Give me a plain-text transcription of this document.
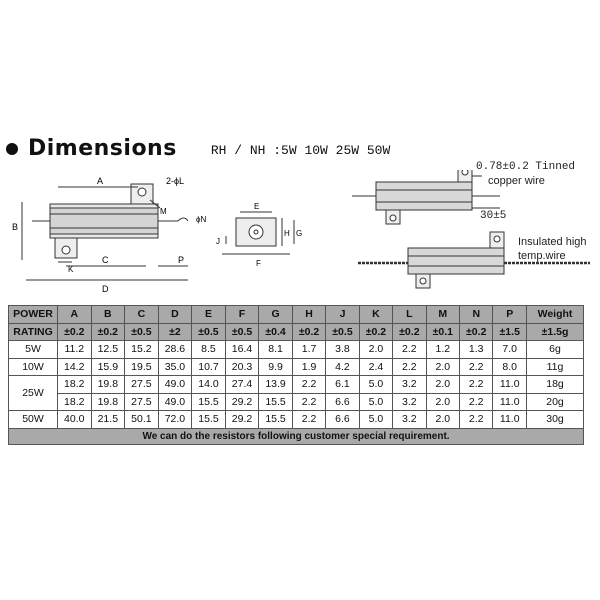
Dimensions	RH / NH :5W 10W 25W 50W
A
B
C
D
K
P
M
2-ϕL
ϕN
E
F
H G
J
0.78±0.2 Tinned
copper wire
30±5
Insulated high
temp.wire
POWER	A	B	C	D	E	F	G	H	J	K	L	M	N	P	Weight
RATING	±0.2	±0.2	±0.5	±2	±0.5	±0.5	±0.4	±0.2	±0.5	±0.2	±0.2	±0.1	±0.2	±1.5	±1.5g
5W	11.2	12.5	15.2	28.6	8.5	16.4	8.1	1.7	3.8	2.0	2.2	1.2	1.3	7.0	6g
10W	14.2	15.9	19.5	35.0	10.7	20.3	9.9	1.9	4.2	2.4	2.2	2.0	2.2	8.0	11g
25W	18.2	19.8	27.5	49.0	14.0	27.4	13.9	2.2	6.1	5.0	3.2	2.0	2.2	11.0	18g
	18.2	19.8	27.5	49.0	15.5	29.2	15.5	2.2	6.6	5.0	3.2	2.0	2.2	11.0	20g
50W	40.0	21.5	50.1	72.0	15.5	29.2	15.5	2.2	6.6	5.0	3.2	2.0	2.2	11.0	30g
We can do the resistors following customer special requirement.															
